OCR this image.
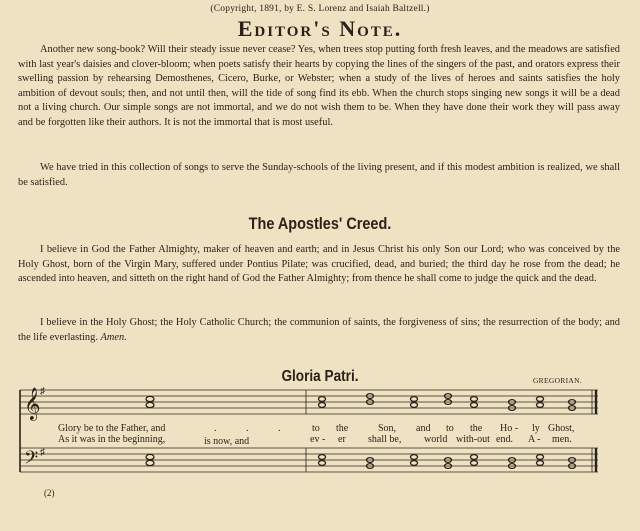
(Copyright, 1891, by E. S. Lorenz and Isaiah Baltzell.)
Editor's Note.

Another new song-book? Will their steady issue never cease? Yes, when trees stop putting forth fresh leaves, and the meadows are satisfied with last year's daisies and clover-bloom; when poets satisfy their hearts by copying the lines of the singers of the past, and orators express their swelling passion by rehearsing Demosthenes, Cicero, Burke, or Webster; when a study of the lives of heroes and saints satisfies the holy ambition of devout souls; then, and not until then, will the tide of song find its ebb. When the church stops singing new songs it will be a dead not a living church. Our simple songs are not immortal, and we do not wish them to be. When they have done their work they will pass away and be forgotten like their authors. It is not the immortal that is most useful.

We have tried in this collection of songs to serve the Sunday-schools of the living present, and if this modest ambition is realized, we shall be satisfied.

The Apostles' Creed.

I believe in God the Father Almighty, maker of heaven and earth; and in Jesus Christ his only Son our Lord; who was conceived by the Holy Ghost, born of the Virgin Mary, suffered under Pontius Pilate; was crucified, dead, and buried; the third day he rose from the dead; he ascended into heaven, and sitteth on the right hand of God the Father Almighty; from thence he shall come to judge the quick and the dead.

I believe in the Holy Ghost; the Holy Catholic Church; the communion of saints, the forgiveness of sins; the resurrection of the body; and the life everlasting. Amen.

Gloria Patri.	GREGORIAN.
𝄞
𝄢
♯
♯
Glory be to the Father, and	.	.	.	to the	Son, and to the Ho - ly Ghost,
As it was in the beginning,	is now, and	ev - er shall be, world with-out end. A - men.
(2)
